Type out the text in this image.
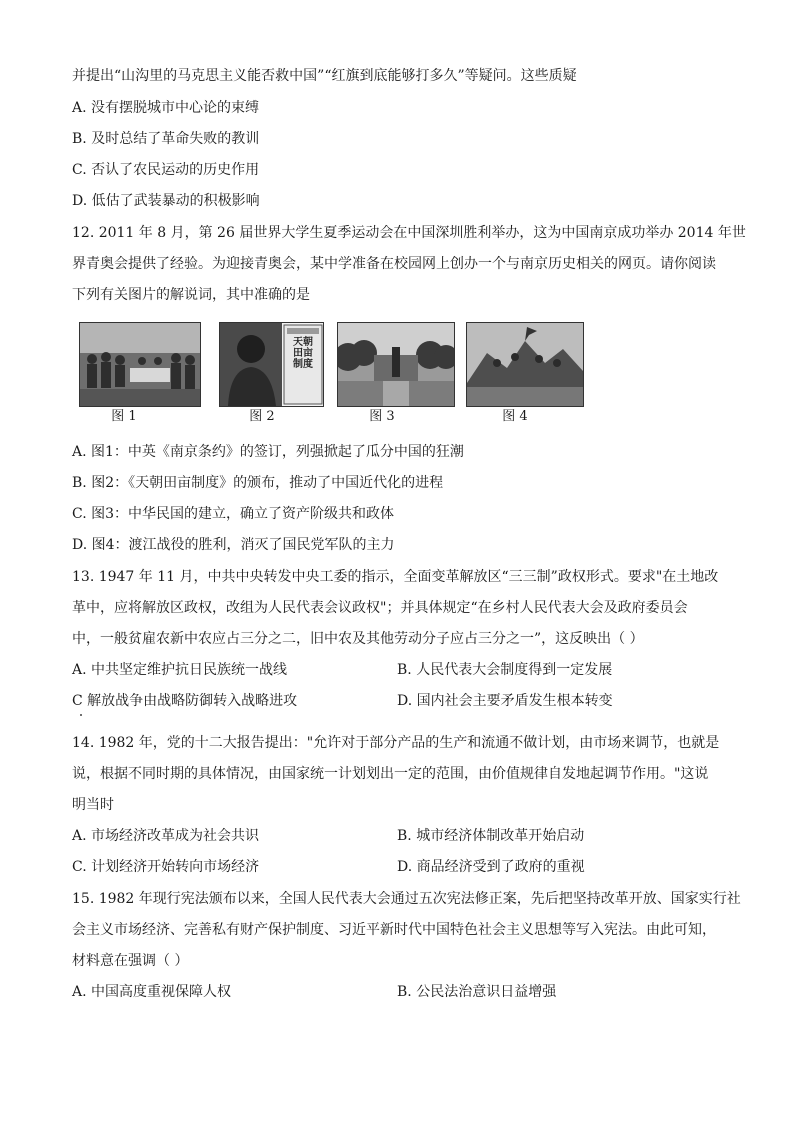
并提出“山沟里的马克思主义能否救中国”“红旗到底能够打多久”等疑问。这些质疑
A. 没有摆脱城市中心论的束缚
B. 及时总结了革命失败的教训
C. 否认了农民运动的历史作用
D. 低估了武装暴动的积极影响
12. 2011 年 8 月，第 26 届世界大学生夏季运动会在中国深圳胜利举办，这为中国南京成功举办 2014 年世
界青奥会提供了经验。为迎接青奥会，某中学准备在校园网上创办一个与南京历史相关的网页。请你阅读
下列有关图片的解说词，其中准确的是
图 1
天朝田亩制度
图 2	图 3	图 4
A. 图1：中英《南京条约》的签订，列强掀起了瓜分中国的狂潮
B. 图2：《天朝田亩制度》的颁布，推动了中国近代化的进程
C. 图3：中华民国的建立，确立了资产阶级共和政体
D. 图4：渡江战役的胜利，消灭了国民党军队的主力
13. 1947 年 11 月，中共中央转发中央工委的指示，全面变革解放区“三三制”政权形式。要求"在土地改
革中，应将解放区政权，改组为人民代表会议政权"；并具体规定“在乡村人民代表大会及政府委员会
中，一般贫雇农新中农应占三分之二，旧中农及其他劳动分子应占三分之一”，这反映出（ ）
A. 中共坚定维护抗日民族统一战线	B. 人民代表大会制度得到一定发展
C 解放战争由战略防御转入战略进攻	D. 国内社会主要矛盾发生根本转变
14. 1982 年，党的十二大报告提出："允许对于部分产品的生产和流通不做计划，由市场来调节，也就是
说，根据不同时期的具体情况，由国家统一计划划出一定的范围，由价值规律自发地起调节作用。"这说
明当时
A. 市场经济改革成为社会共识	B. 城市经济体制改革开始启动
C. 计划经济开始转向市场经济	D. 商品经济受到了政府的重视
15. 1982 年现行宪法颁布以来，全国人民代表大会通过五次宪法修正案，先后把坚持改革开放、国家实行社
会主义市场经济、完善私有财产保护制度、习近平新时代中国特色社会主义思想等写入宪法。由此可知，
材料意在强调（ ）
A. 中国高度重视保障人权	B. 公民法治意识日益增强
